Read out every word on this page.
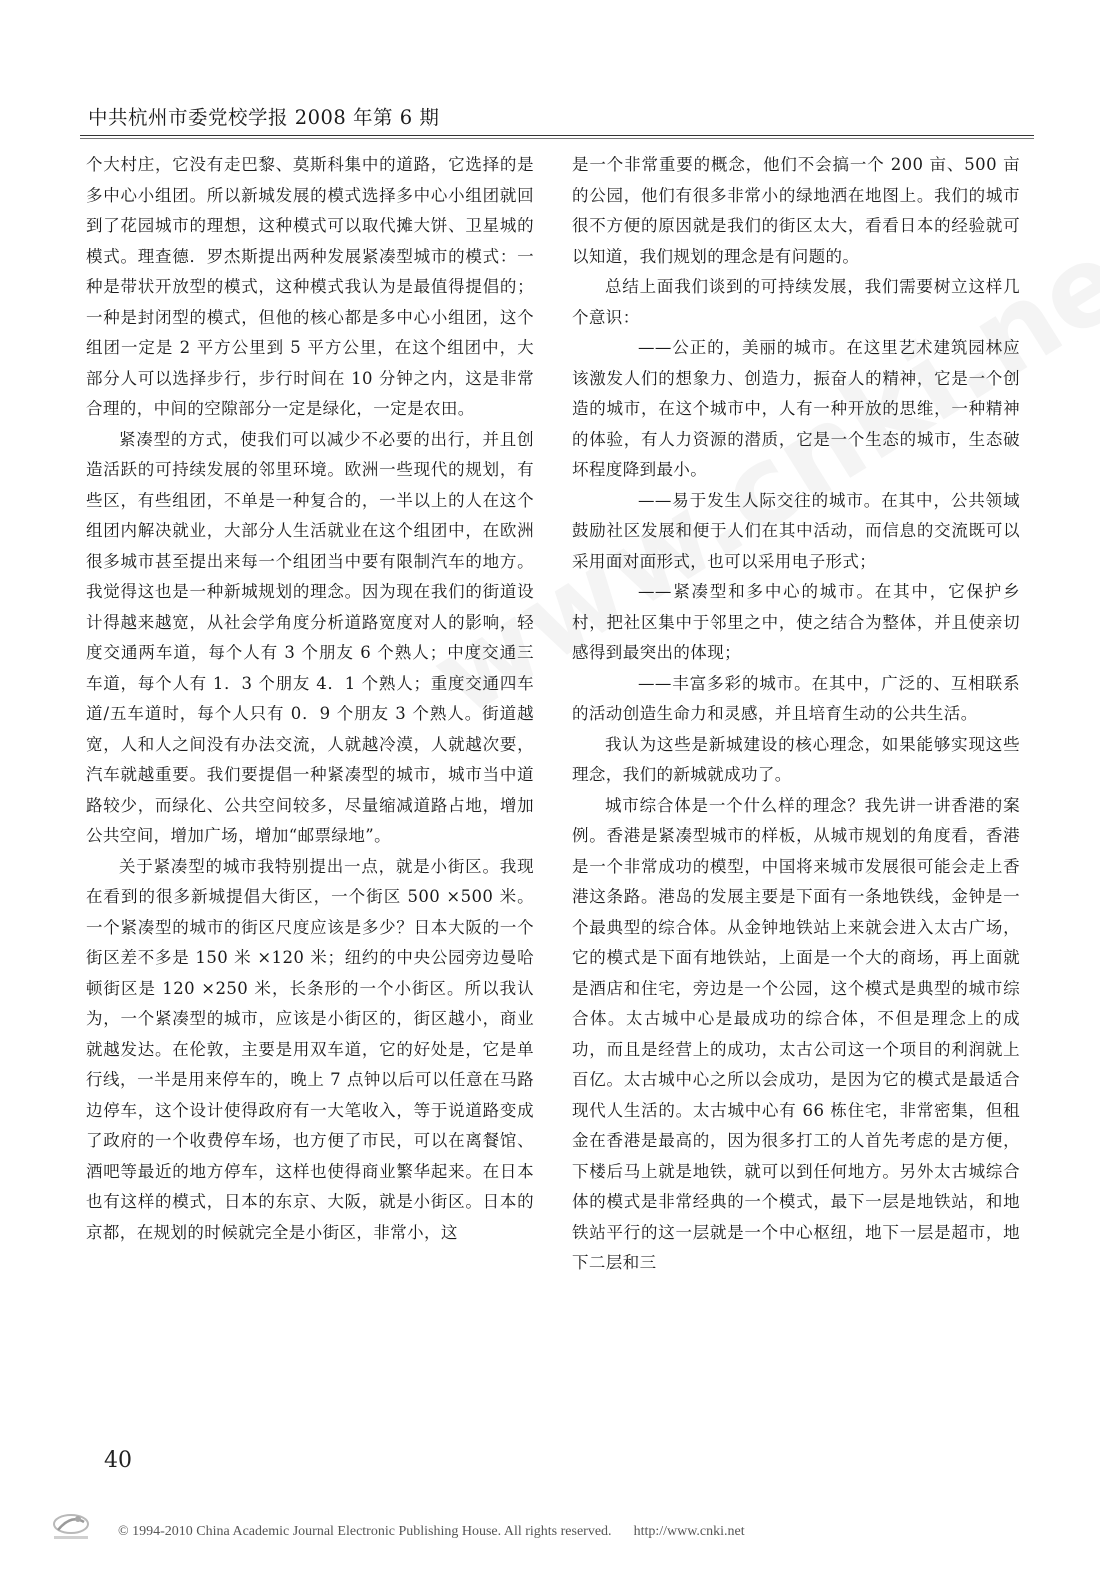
中共杭州市委党校学报 2008 年第 6 期

个大村庄，它没有走巴黎、莫斯科集中的道路，它选择的是多中心小组团。所以新城发展的模式选择多中心小组团就回到了花园城市的理想，这种模式可以取代摊大饼、卫星城的模式。理查德．罗杰斯提出两种发展紧凑型城市的模式：一种是带状开放型的模式，这种模式我认为是最值得提倡的；一种是封闭型的模式，但他的核心都是多中心小组团，这个组团一定是 2 平方公里到 5 平方公里，在这个组团中，大部分人可以选择步行，步行时间在 10 分钟之内，这是非常合理的，中间的空隙部分一定是绿化，一定是农田。

紧凑型的方式，使我们可以减少不必要的出行，并且创造活跃的可持续发展的邻里环境。欧洲一些现代的规划，有些区，有些组团，不单是一种复合的，一半以上的人在这个组团内解决就业，大部分人生活就业在这个组团中，在欧洲很多城市甚至提出来每一个组团当中要有限制汽车的地方。我觉得这也是一种新城规划的理念。因为现在我们的街道设计得越来越宽，从社会学角度分析道路宽度对人的影响，轻度交通两车道，每个人有 3 个朋友 6 个熟人；中度交通三车道，每个人有 1．3 个朋友 4．1 个熟人；重度交通四车道/五车道时，每个人只有 0．9 个朋友 3 个熟人。街道越宽，人和人之间没有办法交流，人就越冷漠，人就越次要，汽车就越重要。我们要提倡一种紧凑型的城市，城市当中道路较少，而绿化、公共空间较多，尽量缩减道路占地，增加公共空间，增加广场，增加“邮票绿地”。

关于紧凑型的城市我特别提出一点，就是小街区。我现在看到的很多新城提倡大街区，一个街区 500 ×500 米。一个紧凑型的城市的街区尺度应该是多少？日本大阪的一个街区差不多是 150 米 ×120 米；纽约的中央公园旁边曼哈顿街区是 120 ×250 米，长条形的一个小街区。所以我认为，一个紧凑型的城市，应该是小街区的，街区越小，商业就越发达。在伦敦，主要是用双车道，它的好处是，它是单行线，一半是用来停车的，晚上 7 点钟以后可以任意在马路边停车，这个设计使得政府有一大笔收入，等于说道路变成了政府的一个收费停车场，也方便了市民，可以在离餐馆、酒吧等最近的地方停车，这样也使得商业繁华起来。在日本也有这样的模式，日本的东京、大阪，就是小街区。日本的京都，在规划的时候就完全是小街区，非常小，这

是一个非常重要的概念，他们不会搞一个 200 亩、500 亩的公园，他们有很多非常小的绿地洒在地图上。我们的城市很不方便的原因就是我们的街区太大，看看日本的经验就可以知道，我们规划的理念是有问题的。

总结上面我们谈到的可持续发展，我们需要树立这样几个意识：

——公正的，美丽的城市。在这里艺术建筑园林应该激发人们的想象力、创造力，振奋人的精神，它是一个创造的城市，在这个城市中，人有一种开放的思维，一种精神的体验，有人力资源的潜质，它是一个生态的城市，生态破坏程度降到最小。

——易于发生人际交往的城市。在其中，公共领域鼓励社区发展和便于人们在其中活动，而信息的交流既可以采用面对面形式，也可以采用电子形式；

——紧凑型和多中心的城市。在其中，它保护乡村，把社区集中于邻里之中，使之结合为整体，并且使亲切感得到最突出的体现；

——丰富多彩的城市。在其中，广泛的、互相联系的活动创造生命力和灵感，并且培育生动的公共生活。

我认为这些是新城建设的核心理念，如果能够实现这些理念，我们的新城就成功了。

城市综合体是一个什么样的理念？我先讲一讲香港的案例。香港是紧凑型城市的样板，从城市规划的角度看，香港是一个非常成功的模型，中国将来城市发展很可能会走上香港这条路。港岛的发展主要是下面有一条地铁线，金钟是一个最典型的综合体。从金钟地铁站上来就会进入太古广场，它的模式是下面有地铁站，上面是一个大的商场，再上面就是酒店和住宅，旁边是一个公园，这个模式是典型的城市综合体。太古城中心是最成功的综合体，不但是理念上的成功，而且是经营上的成功，太古公司这一个项目的利润就上百亿。太古城中心之所以会成功，是因为它的模式是最适合现代人生活的。太古城中心有 66 栋住宅，非常密集，但租金在香港是最高的，因为很多打工的人首先考虑的是方便，下楼后马上就是地铁，就可以到任何地方。另外太古城综合体的模式是非常经典的一个模式，最下一层是地铁站，和地铁站平行的这一层就是一个中心枢纽，地下一层是超市，地下二层和三

40
© 1994-2010 China Academic Journal Electronic Publishing House. All rights reserved. http://www.cnki.net
